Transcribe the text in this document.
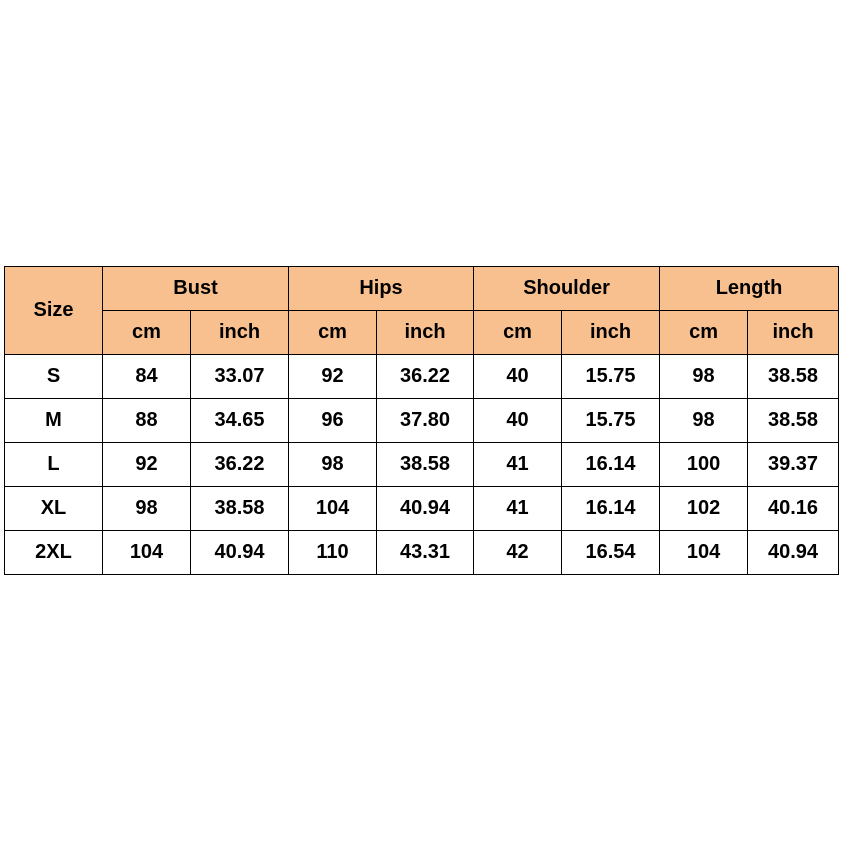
Size	Bust		Hips		Shoulder		Length	
	cm	inch	cm	inch	cm	inch	cm	inch
S	84	33.07	92	36.22	40	15.75	98	38.58
M	88	34.65	96	37.80	40	15.75	98	38.58
L	92	36.22	98	38.58	41	16.14	100	39.37
XL	98	38.58	104	40.94	41	16.14	102	40.16
2XL	104	40.94	110	43.31	42	16.54	104	40.94
